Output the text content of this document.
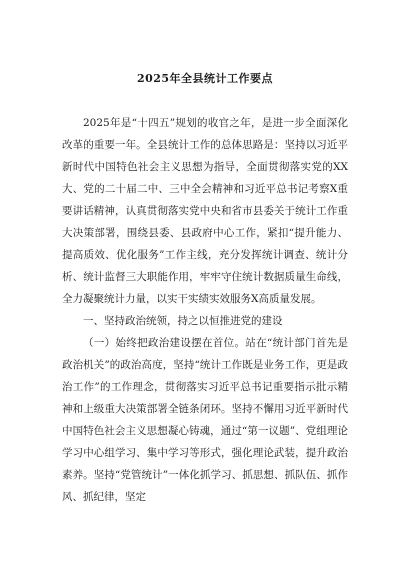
2025年全县统计工作要点

2025年是“十四五”规划的收官之年，是进一步全面深化改革的重要一年。全县统计工作的总体思路是：坚持以习近平新时代中国特色社会主义思想为指导，全面贯彻落实党的XX大、党的二十届二中、三中全会精神和习近平总书记考察X重要讲话精神，认真贯彻落实党中央和省市县委关于统计工作重大决策部署，围绕县委、县政府中心工作，紧扣“提升能力、提高质效、优化服务”工作主线，充分发挥统计调查、统计分析、统计监督三大职能作用，牢牢守住统计数据质量生命线，全力凝聚统计力量，以实干实绩实效服务X高质量发展。

一、坚持政治统领，持之以恒推进党的建设

（一）始终把政治建设摆在首位。站在“统计部门首先是政治机关”的政治高度，坚持“统计工作既是业务工作，更是政治工作”的工作理念，贯彻落实习近平总书记重要指示批示精神和上级重大决策部署全链条闭环。坚持不懈用习近平新时代中国特色社会主义思想凝心铸魂，通过“第一议题”、党组理论学习中心组学习、集中学习等形式，强化理论武装，提升政治素养。坚持“党管统计”一体化抓学习、抓思想、抓队伍、抓作风、抓纪律，坚定
